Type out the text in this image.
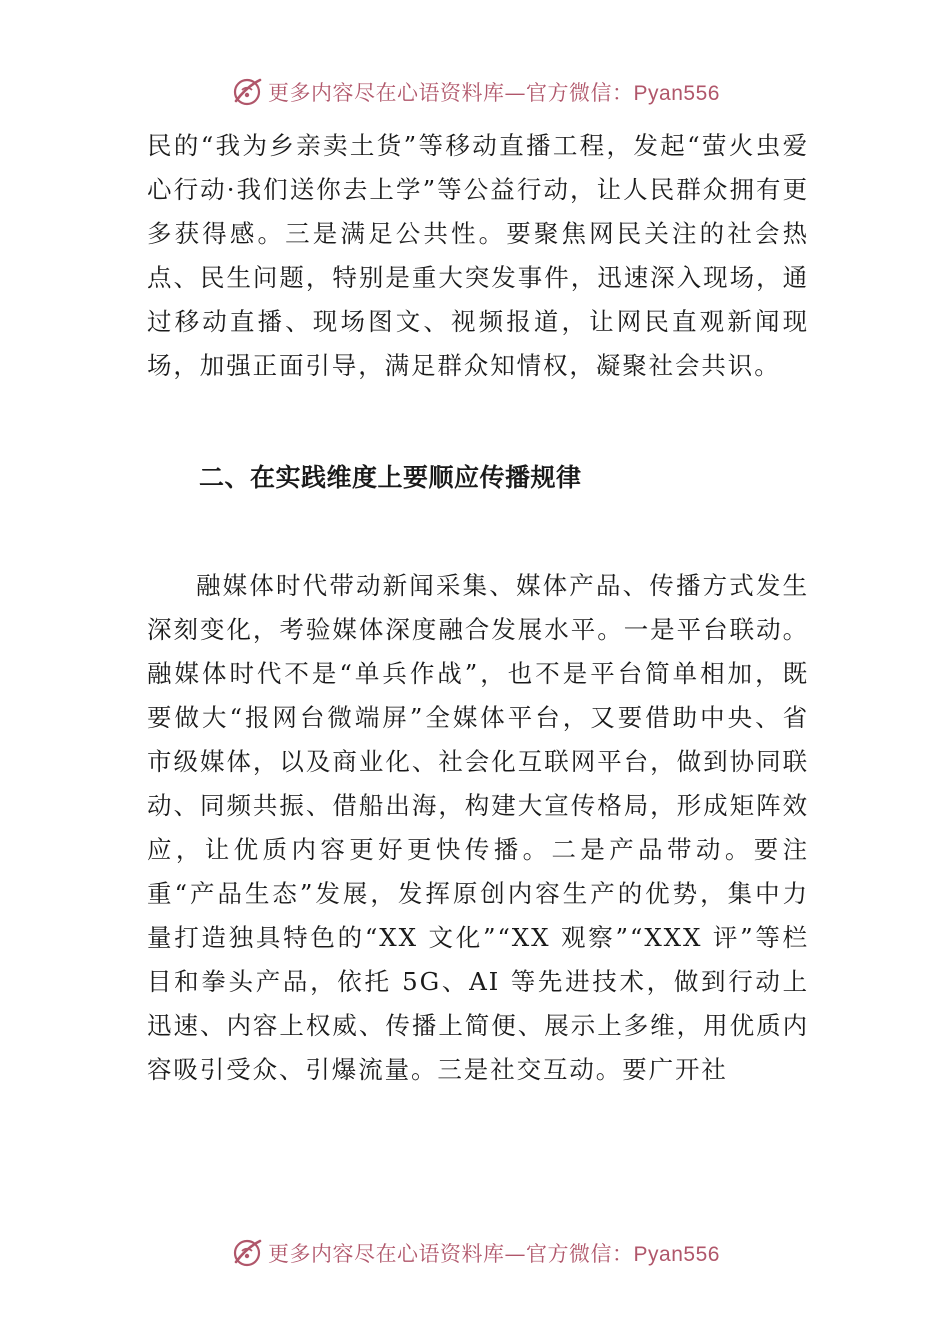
更多内容尽在心语资料库—官方微信：Pyan556

民的“我为乡亲卖土货”等移动直播工程，发起“萤火虫爱心行动·我们送你去上学”等公益行动，让人民群众拥有更多获得感。三是满足公共性。要聚焦网民关注的社会热点、民生问题，特别是重大突发事件，迅速深入现场，通过移动直播、现场图文、视频报道，让网民直观新闻现场，加强正面引导，满足群众知情权，凝聚社会共识。

二、在实践维度上要顺应传播规律

融媒体时代带动新闻采集、媒体产品、传播方式发生深刻变化，考验媒体深度融合发展水平。一是平台联动。融媒体时代不是“单兵作战”，也不是平台简单相加，既要做大“报网台微端屏”全媒体平台，又要借助中央、省市级媒体，以及商业化、社会化互联网平台，做到协同联动、同频共振、借船出海，构建大宣传格局，形成矩阵效应，让优质内容更好更快传播。二是产品带动。要注重“产品生态”发展，发挥原创内容生产的优势，集中力量打造独具特色的“XX 文化”“XX 观察”“XXX 评”等栏目和拳头产品，依托 5G、AI 等先进技术，做到行动上迅速、内容上权威、传播上简便、展示上多维，用优质内容吸引受众、引爆流量。三是社交互动。要广开社

更多内容尽在心语资料库—官方微信：Pyan556
